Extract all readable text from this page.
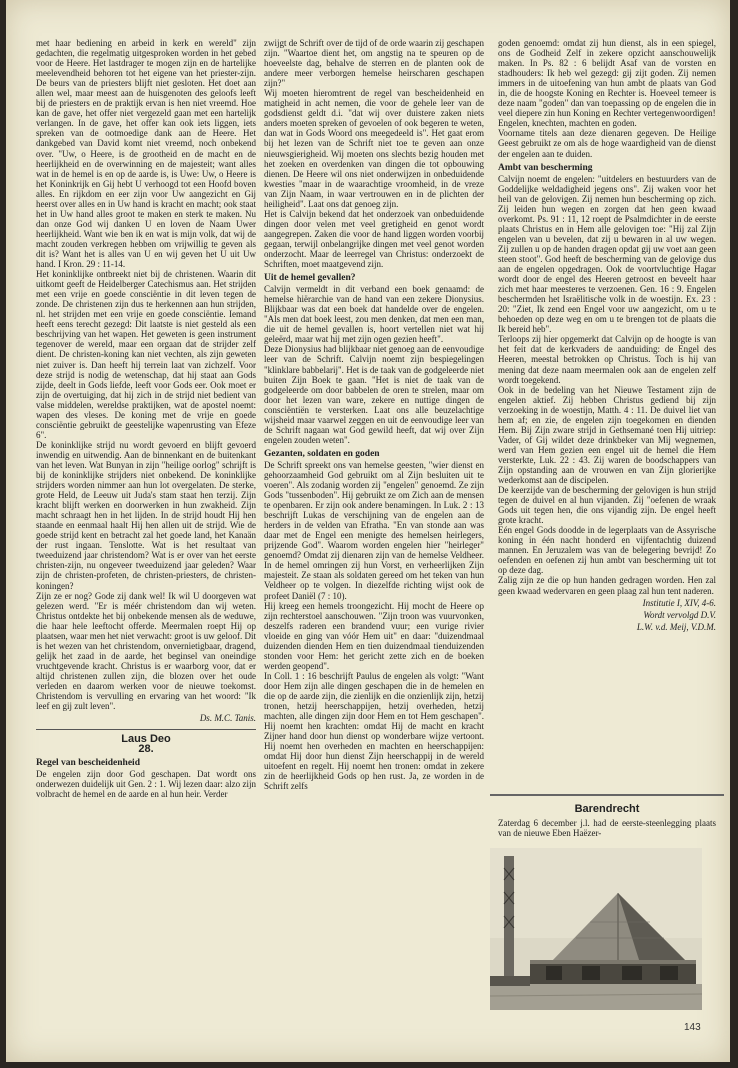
met haar bediening en arbeid in kerk en wereld" zijn gedachten, die regelmatig uitgesproken worden in het gebed voor de Heere. Het lastdrager te mogen zijn en de hartelijke meelevendheid behoren tot het eigene van het priester-zijn. De beurs van de priesters blijft niet gesloten. Het doet aan allen wel, maar meest aan de huisgenoten des geloofs leeft bij de priesters en de praktijk ervan is hen niet vreemd. Hoe kan de gave, het offer niet vergezeld gaan met een hartelijk verlangen. In de gave, het offer kan ook iets liggen, iets spreken van de ootmoedige dank aan de Heere. Het dankgebed van David komt niet vreemd, noch onbekend over. "Uw, o Heere, is de grootheid en de macht en de heerlijkheid en de overwinning en de majesteit; want alles wat in de hemel is en op de aarde is, is Uwe: Uw, o Heere is het Koninkrijk en Gij hebt U verhoogd tot een Hoofd boven alles. En rijkdom en eer zijn voor Uw aangezicht en Gij heerst over alles en in Uw hand is kracht en macht; ook staat het in Uw hand alles groot te maken en sterk te maken. Nu dan onze God wij danken U en loven de Naam Uwer heerlijkheid. Want wie ben ik en wat is mijn volk, dat wij de macht zouden verkregen hebben om vrijwillig te geven als dit is? Want het is alles van U en wij geven het U uit Uw hand. I Kron. 29 : 11-14.

Het koninklijke ontbreekt niet bij de christenen. Waarin dit uitkomt geeft de Heidelberger Catechismus aan. Het strijden met een vrije en goede consciëntie in dit leven tegen de zonde. De christenen zijn dus te herkennen aan hun strijden, nl. het strijden met een vrije en goede consciëntie. Iemand heeft eens terecht gezegd: Dit laatste is niet gesteld als een beschrijving van het wapen. Het geweten is geen instrument tegenover de wereld, maar een orgaan dat de strijder zelf dient. De christen-koning kan niet vechten, als zijn geweten niet zuiver is. Dan heeft hij terrein laat van zichzelf. Voor deze strijd is nodig de wetenschap, dat hij staat aan Gods zijde, deelt in Gods liefde, leeft voor Gods eer. Ook moet er zijn de overtuiging, dat hij zich in de strijd niet bedient van valse middelen, wereldse praktijken, wat de apostel noemt: wapen des vleses. De koning met de vrije en goede consciëntie gebruikt de geestelijke wapenrusting van Efeze 6".

De koninklijke strijd nu wordt gevoerd en blijft gevoerd inwendig en uitwendig. Aan de binnenkant en de buitenkant van het leven. Wat Bunyan in zijn "heilige oorlog" schrijft is bij de koninklijke strijders niet onbekend. De koninklijke strijders worden nimmer aan hun lot overgelaten. De sterke, grote Held, de Leeuw uit Juda's stam staat hen terzij. Zijn kracht blijft werken en doorwerken in hun zwakheid. Zijn macht schraagt hen in het lijden. In de strijd houdt Hij hen staande en eenmaal haalt Hij hen allen uit de strijd. Wie de goede strijd kent en betracht zal het goede land, het Kanaän der rust ingaan. Tenslotte. Wat is het resultaat van tweeduizend jaar christendom? Wat is er over van het eerste christen-zijn, nu ongeveer tweeduizend jaar geleden? Waar zijn de christen-profeten, de christen-priesters, de christen-koningen?

Zijn ze er nog? Gode zij dank wel! Ik wil U doorgeven wat gelezen werd. "Er is méér christendom dan wij weten. Christus ontdekte het bij onbekende mensen als de weduwe, die haar hele leeftocht offerde. Meermalen roept Hij op plaatsen, waar men het niet verwacht: groot is uw geloof. Dit is het wezen van het christendom, onvernietigbaar, dragend, gelijk het zaad in de aarde, het beginsel van oneindige vruchtgevende kracht. Christus is er waarborg voor, dat er altijd christenen zullen zijn, die blozen over het oude verleden en daarom werken voor de nieuwe toekomst. Christendom is vervulling en ervaring van het woord: "Ik leef en gij zult leven".

Ds. M.C. Tanis.

Laus Deo

28.

Regel van bescheidenheid

De engelen zijn door God geschapen. Dat wordt ons onderwezen duidelijk uit Gen. 2 : 1. Wij lezen daar: alzo zijn volbracht de hemel en de aarde en al hun heir. Verder

zwijgt de Schrift over de tijd of de orde waarin zij geschapen zijn. "Waartoe dient het, om angstig na te speuren op de hoeveelste dag, behalve de sterren en de planten ook de andere meer verborgen hemelse heirscharen geschapen zijn?"

Wij moeten hieromtrent de regel van bescheidenheid en matigheid in acht nemen, die voor de gehele leer van de godsdienst geldt d.i. "dat wij over duistere zaken niets anders moeten spreken of gevoelen of ook begeren te weten, dan wat in Gods Woord ons meegedeeld is". Het gaat erom bij het lezen van de Schrift niet toe te geven aan onze nieuwsgierigheid. Wij moeten ons slechts bezig houden met het zoeken en overdenken van dingen die tot opbouwing dienen. De Heere wil ons niet onderwijzen in onbeduidende kwesties "maar in de waarachtige vroomheid, in de vreze van Zijn Naam, in waar vertrouwen en in de plichten der heiligheid". Laat ons dat genoeg zijn.

Het is Calvijn bekend dat het onderzoek van onbeduidende dingen door velen met veel gretigheid en genot wordt aangegrepen. Zaken die voor de hand liggen worden voorbij gegaan, terwijl onbelangrijke dingen met veel genot worden onderzocht. Maar de leerregel van Christus: onderzoekt de Schriften, moet maatgevend zijn.

Uit de hemel gevallen?

Calvijn vermeldt in dit verband een boek genaamd: de hemelse hiërarchie van de hand van een zekere Dionysius. Blijkbaar was dat een boek dat handelde over de engelen. "Als men dat boek leest, zou men denken, dat men een man, die uit de hemel gevallen is, hoort vertellen niet wat hij geleërd, maar wat hij met zijn ogen gezien heeft".

Deze Dionysius had blijkbaar niet genoeg aan de eenvoudige leer van de Schrift. Calvijn noemt zijn bespiegelingen "klinklare babbelarij". Het is de taak van de godgeleerde niet buiten Zijn Boek te gaan. "Het is niet de taak van de godgeleerde om door babbelen de oren te strelen, maar om door het lezen van ware, zekere en nuttige dingen de consciëntiën te versterken. Laat ons alle beuzelachtige wijsheid maar vaarwel zeggen en uit de eenvoudige leer van de Schrift nagaan wat God gewild heeft, dat wij over Zijn engelen zouden weten".

Gezanten, soldaten en goden

De Schrift spreekt ons van hemelse geesten, "wier dienst en gehoorzaamheid God gebruikt om al Zijn besluiten uit te voeren". Als zodanig worden zij "engelen" genoemd. Ze zijn Gods "tussenboden". Hij gebruikt ze om Zich aan de mensen te openbaren. Er zijn ook andere benamingen. In Luk. 2 : 13 beschrijft Lukas de verschijning van de engelen aan de herders in de velden van Efratha. "En van stonde aan was daar met de Engel een menigte des hemelsen heirlegers, prijzende God". Waarom worden engelen hier "heirleger" genoemd? Omdat zij dienaren zijn van de hemelse Veldheer. In de hemel omringen zij hun Vorst, en verheerlijken Zijn majesteit. Ze staan als soldaten gereed om het teken van hun Veldheer op te volgen. In diezelfde richting wijst ook de profeet Daniël (7 : 10).

Hij kreeg een hemels troongezicht. Hij mocht de Heere op zijn rechterstoel aanschouwen. "Zijn troon was vuurvonken, deszelfs raderen een brandend vuur; een vurige rivier vloeide en ging van vóór Hem uit" en daar: "duizendmaal duizenden dienden Hem en tien duizendmaal tienduizenden stonden voor Hem: het gericht zette zich en de boeken werden geopend".

In Coll. 1 : 16 beschrijft Paulus de engelen als volgt: "Want door Hem zijn alle dingen geschapen die in de hemelen en die op de aarde zijn, die zienlijk en die onzienlijk zijn, hetzij tronen, hetzij heerschappijen, hetzij overheden, hetzij machten, alle dingen zijn door Hem en tot Hem geschapen". Hij noemt hen krachten: omdat Hij de macht en kracht Zijner hand door hun dienst op wonderbare wijze vertoont. Hij noemt hen overheden en machten en heerschappijen: omdat Hij door hun dienst Zijn heerschappij in de wereld uitoefent en regelt. Hij noemt hen tronen: omdat in zekere zin de heerlijkheid Gods op hen rust. Ja, ze worden in de Schrift zelfs

goden genoemd: omdat zij hun dienst, als in een spiegel, ons de Godheid Zelf in zekere opzicht aanschouwelijk maken. In Ps. 82 : 6 belijdt Asaf van de vorsten en stadhouders: Ik heb wel gezegd: gij zijt goden. Zij nemen immers in de uitoefening van hun ambt de plaats van God in, die de hoogste Koning en Rechter is. Hoeveel temeer is deze naam "goden" dan van toepassing op de engelen die in veel diepere zin hun Koning en Rechter vertegenwoordigen!

Engelen, knechten, machten en goden.

Voorname titels aan deze dienaren gegeven. De Heilige Geest gebruikt ze om als de hoge waardigheid van de dienst der engelen aan te duiden.

Ambt van bescherming

Calvijn noemt de engelen: "uitdelers en bestuurders van de Goddelijke weldadigheid jegens ons". Zij waken voor het heil van de gelovigen. Zij nemen hun bescherming op zich. Zij leiden hun wegen en zorgen dat hen geen kwaad overkomt. Ps. 91 : 11, 12 roept de Psalmdichter in de eerste plaats Christus en in Hem alle gelovigen toe: "Hij zal Zijn engelen van u bevelen, dat zij u bewaren in al uw wegen. Zij zullen u op de handen dragen opdat gij uw voet aan geen steen stoot". God heeft de bescherming van de gelovige dus aan de engelen opgedragen. Ook de voortvluchtige Hagar wordt door de engel des Heeren getroost en beveelt haar zich met haar meesteres te verzoenen. Gen. 16 : 9. Engelen beschermden het Israëlitische volk in de woestijn. Ex. 23 : 20: "Ziet, Ik zend een Engel voor uw aangezicht, om u te behoeden op deze weg en om u te brengen tot de plaats die Ik bereid heb".

Terloops zij hier opgemerkt dat Calvijn op de hoogte is van het feit dat de kerkvaders de aanduiding: de Engel des Heeren, meestal betrokken op Christus. Toch is hij van mening dat deze naam meermalen ook aan de engelen zelf wordt toegekend.

Ook in de bedeling van het Nieuwe Testament zijn de engelen aktief. Zij hebben Christus gediend bij zijn verzoeking in de woestijn, Matth. 4 : 11. De duivel liet van hem af; en zie, de engelen zijn toegekomen en dienden Hem. Bij Zijn zware strijd in Gethsemané toen Hij uitriep: Vader, of Gij wildet deze drinkbeker van Mij wegnemen, werd van Hem gezien een engel uit de hemel die Hem versterkte, Luk. 22 : 43. Zij waren de boodschappers van Zijn opstanding aan de vrouwen en van Zijn glorierijke wederkomst aan de discipelen.

De keerzijde van de bescherming der gelovigen is hun strijd tegen de duivel en al hun vijanden. Zij "oefenen de wraak Gods uit tegen hen, die ons vijandig zijn. De engel heeft grote kracht.

Eén engel Gods doodde in de legerplaats van de Assyrische koning in één nacht honderd en vijfentachtig duizend mannen. En Jeruzalem was van de belegering bevrijd! Zo oefenden en oefenen zij hun ambt van bescherming uit tot op deze dag.

Zalig zijn ze die op hun handen gedragen worden. Hen zal geen kwaad wedervaren en geen plaag zal hun tent naderen.

Institutie I, XIV, 4-6.
Wordt vervolgd D.V.
L.W. v.d. Meij, V.D.M.
Barendrecht
Zaterdag 6 december j.l. had de eerste-steenlegging plaats van de nieuwe Eben Haëzer-
143
